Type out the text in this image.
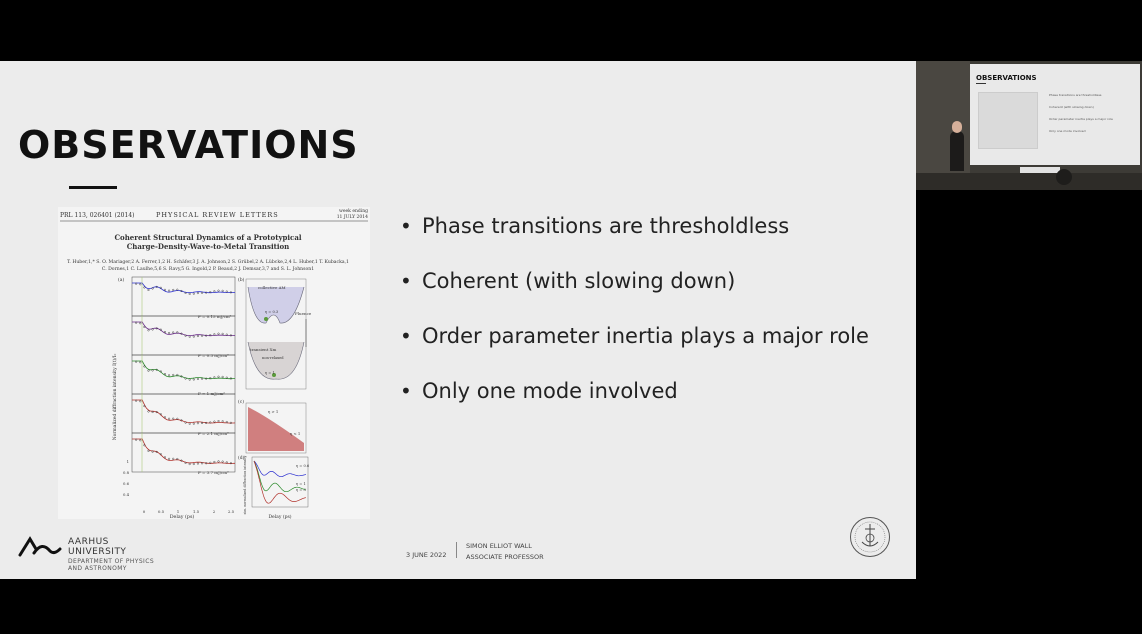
OBSERVATIONS
PRL 113, 026401 (2014)	PHYSICAL REVIEW LETTERS	week ending
11 JULY 2014
Coherent Structural Dynamics of a Prototypical
Charge-Density-Wave-to-Metal Transition
T. Huber,1,* S. O. Mariager,2 A. Ferrer,1,2 H. Schäfer,3 J. A. Johnson,2 S. Grübel,2 A. Lübcke,2,4 L. Huber,1 T. Kubacka,1
C. Dornes,1 C. Laulhe,5,6 S. Ravy,5 G. Ingold,2 P. Beaud,2 J. Demsar,3,7 and S. L. Johnson1
(a)	(b)
(c)
(d)
F = 0.15 mJ/cm²
F = 0.3 mJ/cm²
F = 1 mJ/cm²
F = 2.1 mJ/cm²
F = 3.7 mJ/cm²
Normalized diffraction intensity I(t)/I₀
Delay (ps)
0	0.5	1	1.5	2	2.5
1
0.8
0.6
0.4
collective AM
Fluence
η = 0.3
transient Xm
non-relaxed
η = 1
η > 1
η < 1
sim. normalized diffraction intensity
Delay (ps)
η = 0.6
η = 1
η = 3
• Phase transitions are thresholdless
• Coherent (with slowing down)
• Order parameter inertia plays a major role
• Only one mode involved
AARHUS
UNIVERSITY
DEPARTMENT OF PHYSICS
AND ASTRONOMY
3 JUNE 2022
SIMON ELLIOT WALL
ASSOCIATE PROFESSOR
OBSERVATIONS
Phase transitions are thresholdless
Coherent (with slowing down)
Order parameter inertia plays a major role
Only one mode involved
